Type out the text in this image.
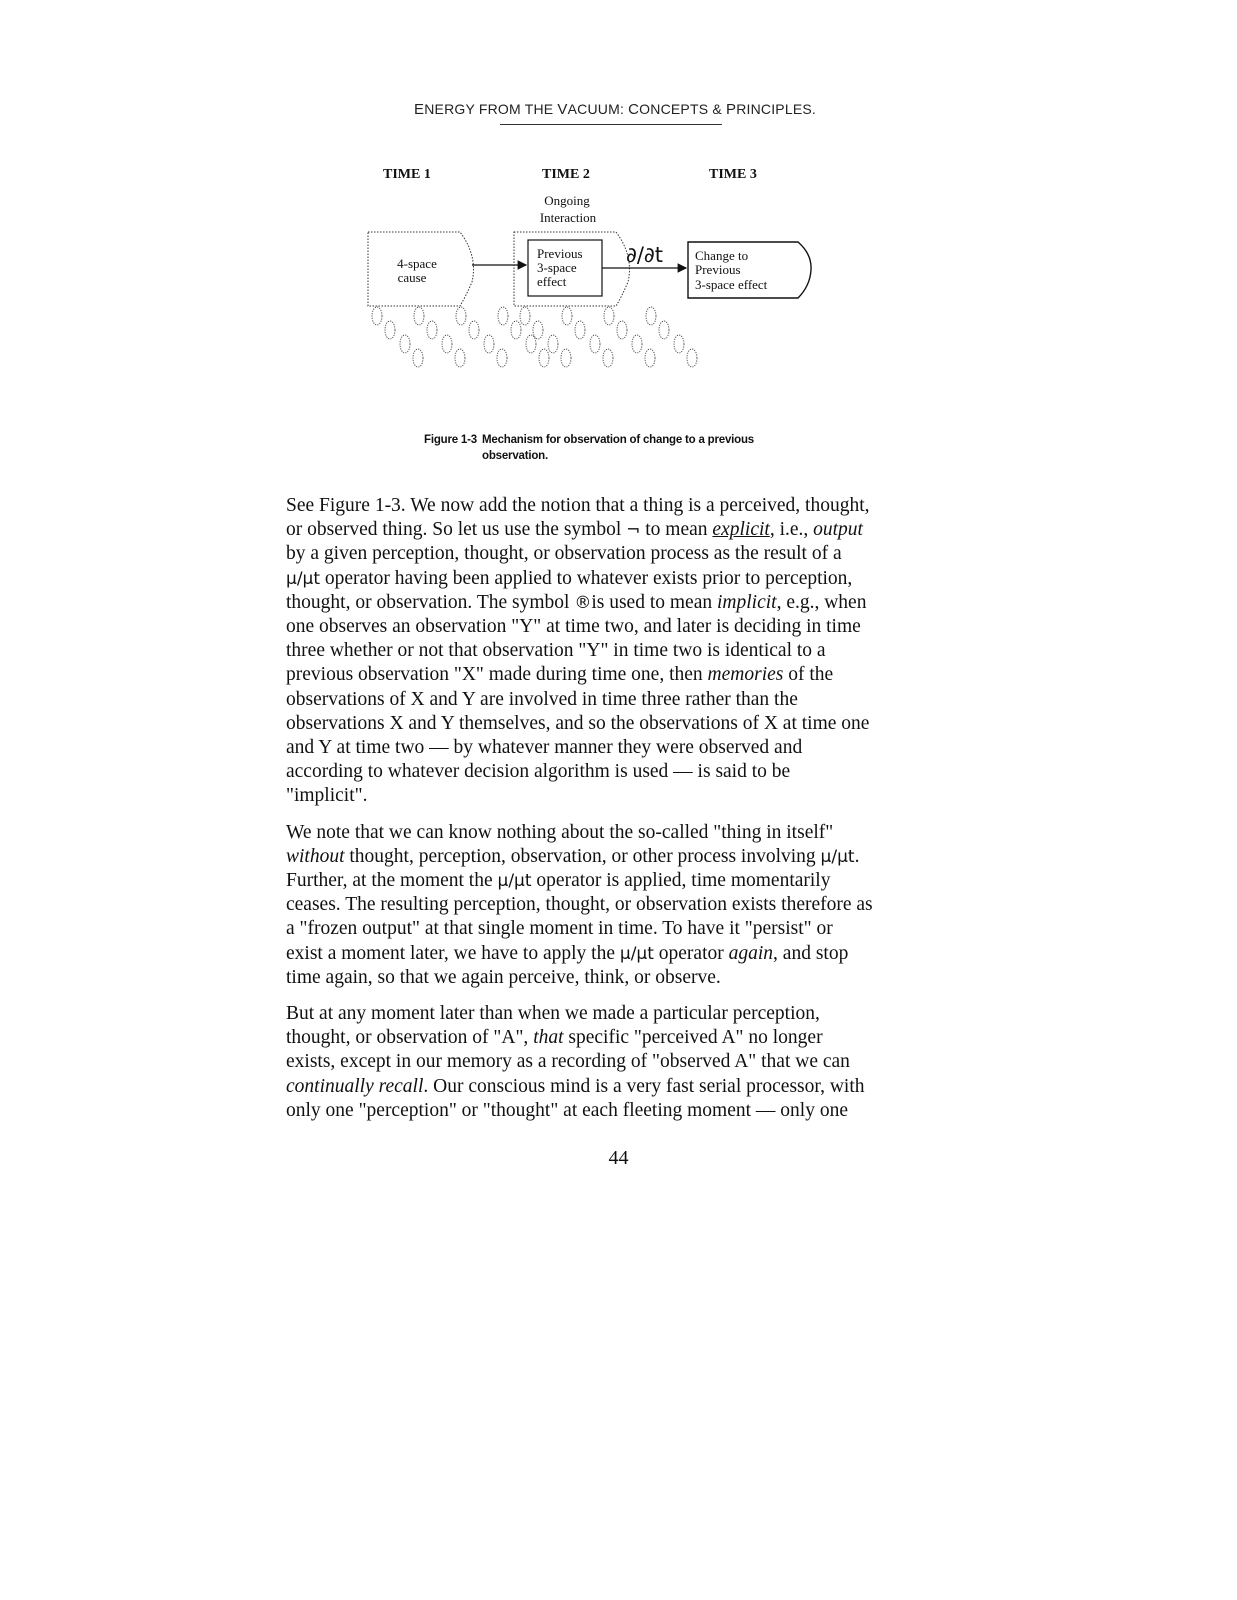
ENERGY FROM THE VACUUM: CONCEPTS & PRINCIPLES.
TIME 1	TIME 2	TIME 3
Ongoing
Interaction
4-space
cause
Previous
3-space
effect
∂/∂t Change to
Previous
3-space effect
Figure 1-3 Mechanism for observation of change to a previous
observation.

See Figure 1-3. We now add the notion that a thing is a perceived, thought,
or observed thing. So let us use the symbol ¬ to mean explicit, i.e., output
by a given perception, thought, or observation process as the result of a
µ/µt operator having been applied to whatever exists prior to perception,
thought, or observation. The symbol ®is used to mean implicit, e.g., when
one observes an observation "Y" at time two, and later is deciding in time
three whether or not that observation "Y" in time two is identical to a
previous observation "X" made during time one, then memories of the
observations of X and Y are involved in time three rather than the
observations X and Y themselves, and so the observations of X at time one
and Y at time two — by whatever manner they were observed and
according to whatever decision algorithm is used — is said to be
"implicit".

We note that we can know nothing about the so-called "thing in itself"
without thought, perception, observation, or other process involving µ/µt.
Further, at the moment the µ/µt operator is applied, time momentarily
ceases. The resulting perception, thought, or observation exists therefore as
a "frozen output" at that single moment in time. To have it "persist" or
exist a moment later, we have to apply the µ/µt operator again, and stop
time again, so that we again perceive, think, or observe.

But at any moment later than when we made a particular perception,
thought, or observation of "A", that specific "perceived A" no longer
exists, except in our memory as a recording of "observed A" that we can
continually recall. Our conscious mind is a very fast serial processor, with
only one "perception" or "thought" at each fleeting moment — only one

44
